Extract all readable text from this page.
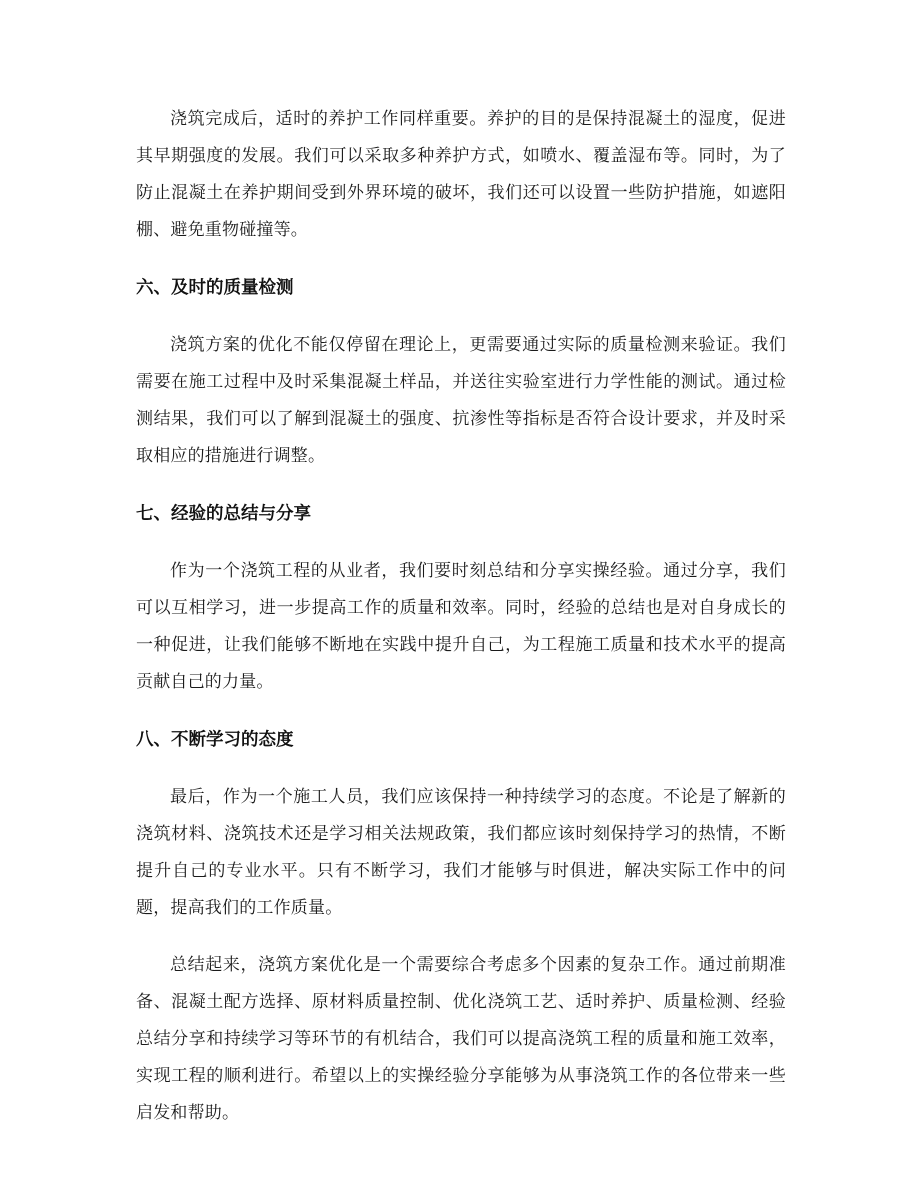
浇筑完成后，适时的养护工作同样重要。养护的目的是保持混凝土的湿度，促进其早期强度的发展。我们可以采取多种养护方式，如喷水、覆盖湿布等。同时，为了防止混凝土在养护期间受到外界环境的破坏，我们还可以设置一些防护措施，如遮阳棚、避免重物碰撞等。

六、及时的质量检测

浇筑方案的优化不能仅停留在理论上，更需要通过实际的质量检测来验证。我们需要在施工过程中及时采集混凝土样品，并送往实验室进行力学性能的测试。通过检测结果，我们可以了解到混凝土的强度、抗渗性等指标是否符合设计要求，并及时采取相应的措施进行调整。

七、经验的总结与分享

作为一个浇筑工程的从业者，我们要时刻总结和分享实操经验。通过分享，我们可以互相学习，进一步提高工作的质量和效率。同时，经验的总结也是对自身成长的一种促进，让我们能够不断地在实践中提升自己，为工程施工质量和技术水平的提高贡献自己的力量。

八、不断学习的态度

最后，作为一个施工人员，我们应该保持一种持续学习的态度。不论是了解新的浇筑材料、浇筑技术还是学习相关法规政策，我们都应该时刻保持学习的热情，不断提升自己的专业水平。只有不断学习，我们才能够与时俱进，解决实际工作中的问题，提高我们的工作质量。

总结起来，浇筑方案优化是一个需要综合考虑多个因素的复杂工作。通过前期准备、混凝土配方选择、原材料质量控制、优化浇筑工艺、适时养护、质量检测、经验总结分享和持续学习等环节的有机结合，我们可以提高浇筑工程的质量和施工效率，实现工程的顺利进行。希望以上的实操经验分享能够为从事浇筑工作的各位带来一些启发和帮助。
